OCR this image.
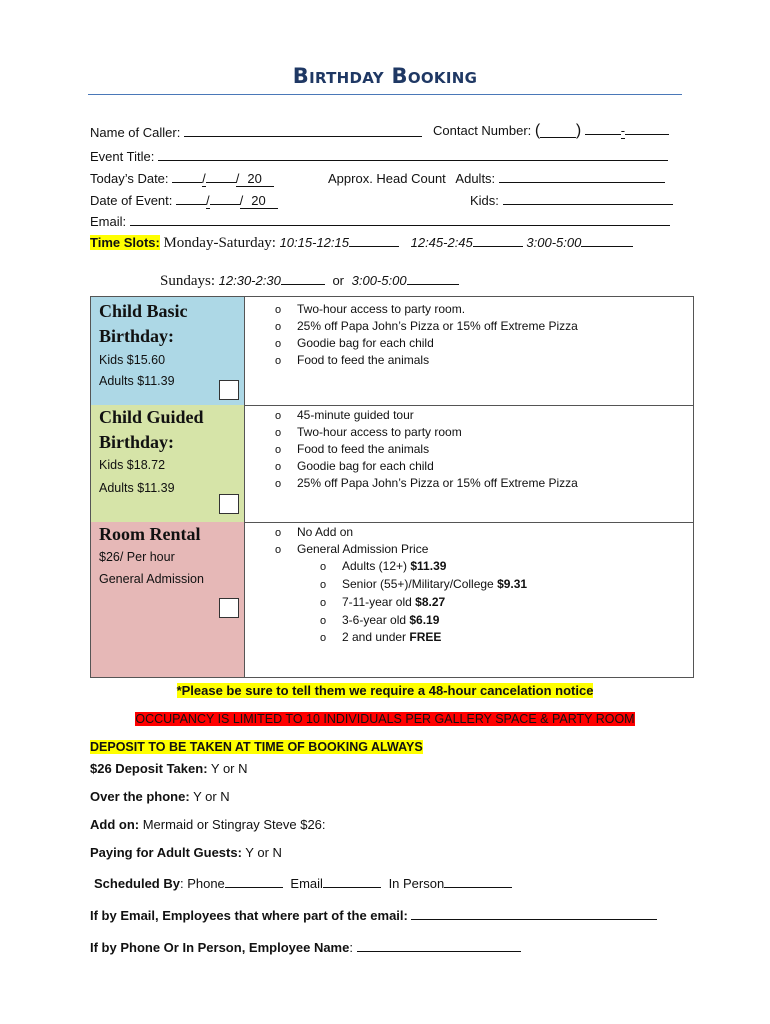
Birthday Booking
Name of Caller:	Contact Number: (____)	-
Event Title:
Today’s Date:	/ / 20	Approx. Head Count Adults:
Date of Event:	/ / 20	Kids:
Email:
Time Slots: Monday-Saturday: 10:15-12:15	12:45-2:45	3:00-5:00
Sundays: 12:30-2:30	or 3:00-5:00
Child Basic
Birthday:
Kids $15.60
Adults $11.39
o Two-hour access to party room.
o 25% off Papa John’s Pizza or 15% off Extreme Pizza
o Goodie bag for each child
o Food to feed the animals
Child Guided
Birthday:
Kids $18.72
Adults $11.39
o 45-minute guided tour
o Two-hour access to party room
o Food to feed the animals
o Goodie bag for each child
o 25% off Papa John’s Pizza or 15% off Extreme Pizza
Room Rental
$26/ Per hour
General Admission
o No Add on
o General Admission Price
o Adults (12+) $11.39
o Senior (55+)/Military/College $9.31
o 7-11-year old $8.27
o 3-6-year old $6.19
o 2 and under FREE
*Please be sure to tell them we require a 48-hour cancelation notice
OCCUPANCY IS LIMITED TO 10 INDIVIDUALS PER GALLERY SPACE & PARTY ROOM
DEPOSIT TO BE TAKEN AT TIME OF BOOKING ALWAYS
$26 Deposit Taken: Y or N
Over the phone: Y or N
Add on: Mermaid or Stingray Steve $26:
Paying for Adult Guests: Y or N
Scheduled By: Phone	Email	In Person
If by Email, Employees that where part of the email:
If by Phone Or In Person, Employee Name:
